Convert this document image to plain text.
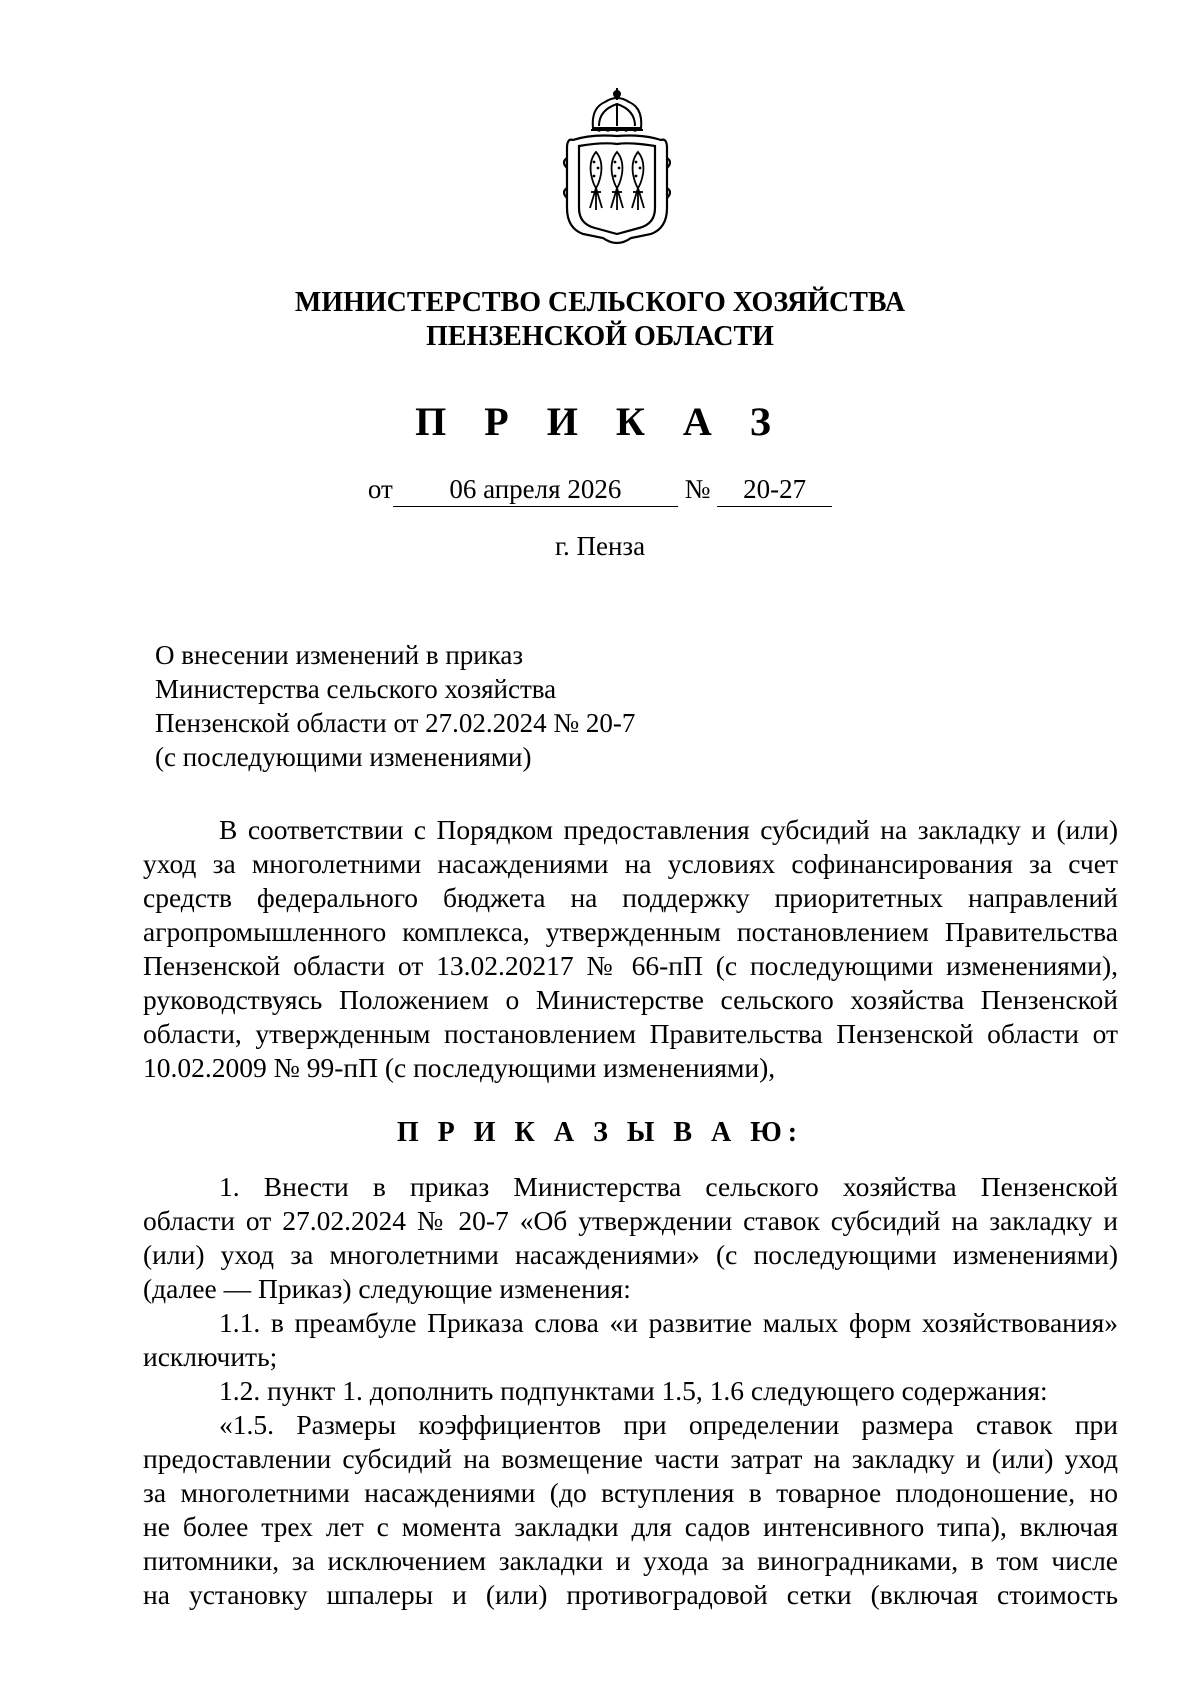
МИНИСТЕРСТВО СЕЛЬСКОГО ХОЗЯЙСТВА
ПЕНЗЕНСКОЙ ОБЛАСТИ
П Р И К А З
от 06 апреля 2026 № 20-27
г. Пенза
О внесении изменений в приказ
Министерства сельского хозяйства
Пензенской области от 27.02.2024 № 20-7
(с последующими изменениями)
В соответствии с Порядком предоставления субсидий на закладку и (или)
уход за многолетними насаждениями на условиях софинансирования за счет
средств федерального бюджета на поддержку приоритетных направлений
агропромышленного комплекса, утвержденным постановлением Правительства
Пензенской области от 13.02.20217 № 66-пП (с последующими изменениями),
руководствуясь Положением о Министерстве сельского хозяйства Пензенской
области, утвержденным постановлением Правительства Пензенской области от
10.02.2009 № 99-пП (с последующими изменениями),
П Р И К А З Ы В А Ю:
1. Внести в приказ Министерства сельского хозяйства Пензенской
области от 27.02.2024 № 20-7 «Об утверждении ставок субсидий на закладку и
(или) уход за многолетними насаждениями» (с последующими изменениями)
(далее — Приказ) следующие изменения:
1.1. в преамбуле Приказа слова «и развитие малых форм хозяйствования»
исключить;
1.2. пункт 1. дополнить подпунктами 1.5, 1.6 следующего содержания:
«1.5. Размеры коэффициентов при определении размера ставок при
предоставлении субсидий на возмещение части затрат на закладку и (или) уход
за многолетними насаждениями (до вступления в товарное плодоношение, но
не более трех лет с момента закладки для садов интенсивного типа), включая
питомники, за исключением закладки и ухода за виноградниками, в том числе
на установку шпалеры и (или) противоградовой сетки (включая стоимость
